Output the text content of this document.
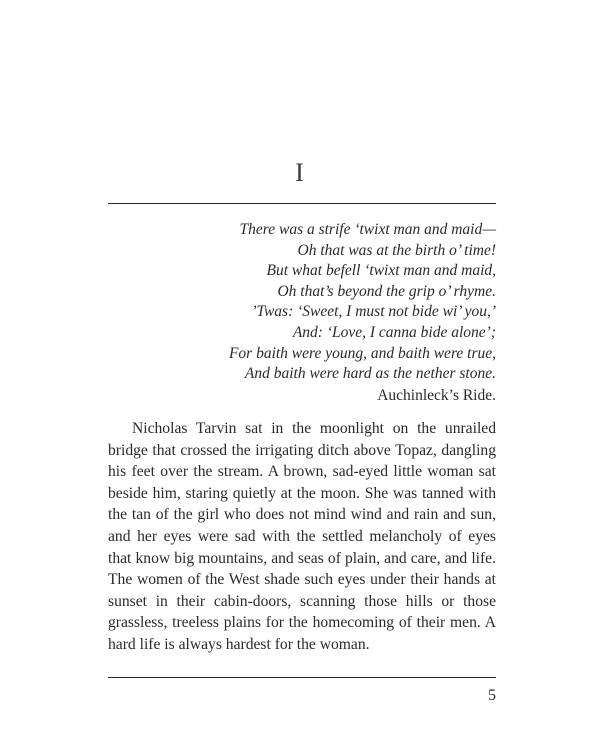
I
There was a strife ‘twixt man and maid—
Oh that was at the birth o’ time!
But what befell ‘twixt man and maid,
Oh that’s beyond the grip o’ rhyme.
’Twas: ‘Sweet, I must not bide wi’ you,’
And: ‘Love, I canna bide alone’;
For baith were young, and baith were true,
And baith were hard as the nether stone.
Auchinleck’s Ride.

Nicholas Tarvin sat in the moonlight on the unrailed bridge that crossed the irrigating ditch above Topaz, dangling his feet over the stream. A brown, sad-eyed little woman sat beside him, staring quietly at the moon. She was tanned with the tan of the girl who does not mind wind and rain and sun, and her eyes were sad with the settled melancholy of eyes that know big mountains, and seas of plain, and care, and life. The women of the West shade such eyes under their hands at sunset in their cabin-doors, scanning those hills or those grassless, treeless plains for the homecoming of their men. A hard life is always hardest for the woman.

5
